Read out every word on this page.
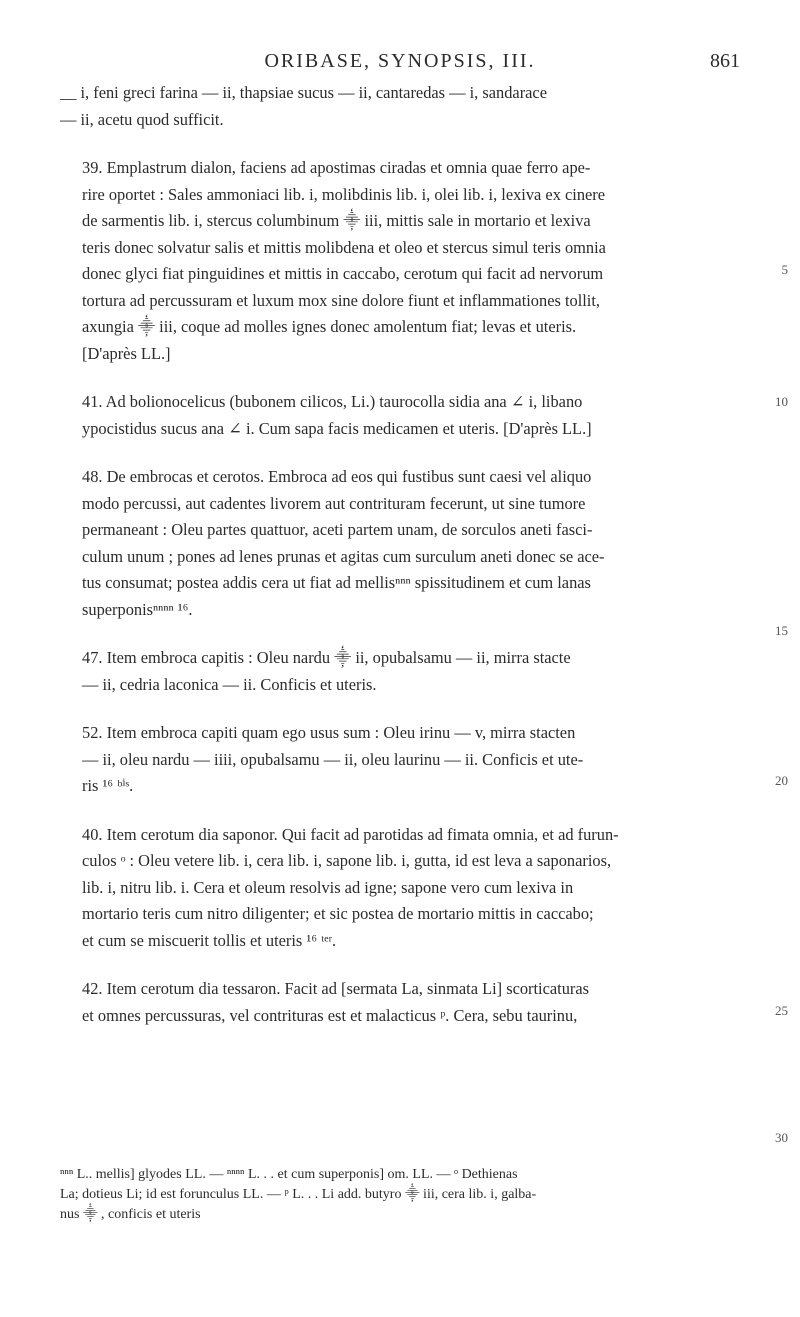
ORIBASE, SYNOPSIS, III.	861

__ i, feni greci farina — ii, thapsiae sucus — ii, cantaredas — i, sandarace
— ii, acetu quod sufficit.

39. Emplastrum dialon, faciens ad apostimas ciradas et omnia quae ferro ape-
rire oportet : Sales ammoniaci lib. i, molibdinis lib. i, olei lib. i, lexiva ex cinere
de sarmentis lib. i, stercus columbinum ⸎ iii, mittis sale in mortario et lexiva
teris donec solvatur salis et mittis molibdena et oleo et stercus simul teris omnia
donec glyci fiat pinguidines et mittis in caccabo, cerotum qui facit ad nervorum
tortura ad percussuram et luxum mox sine dolore fiunt et inflammationes tollit,
axungia ⸎ iii, coque ad molles ignes donec amolentum fiat; levas et uteris.
[D'après LL.]

41. Ad bolionocelicus (bubonem cilicos, Li.) taurocolla sidia ana ∠ i, libano
ypocistidus sucus ana ∠ i. Cum sapa facis medicamen et uteris. [D'après LL.]

48. De embrocas et cerotos. Embroca ad eos qui fustibus sunt caesi vel aliquo
modo percussi, aut cadentes livorem aut contrituram fecerunt, ut sine tumore
permaneant : Oleu partes quattuor, aceti partem unam, de sorculos aneti fasci-
culum unum ; pones ad lenes prunas et agitas cum surculum aneti donec se ace-
tus consumat; postea addis cera ut fiat ad mellisⁿⁿⁿ spissitudinem et cum lanas
superponisⁿⁿⁿⁿ ¹⁶.

47. Item embroca capitis : Oleu nardu ⸎ ii, opubalsamu — ii, mirra stacte
— ii, cedria laconica — ii. Conficis et uteris.

52. Item embroca capiti quam ego usus sum : Oleu irinu — v, mirra stacten
— ii, oleu nardu — iiii, opubalsamu — ii, oleu laurinu — ii. Conficis et ute-
ris ¹⁶ ᵇⁱˢ.

40. Item cerotum dia saponor. Qui facit ad parotidas ad fimata omnia, et ad furun-
culos ᵒ : Oleu vetere lib. i, cera lib. i, sapone lib. i, gutta, id est leva a saponarios,
lib. i, nitru lib. i. Cera et oleum resolvis ad igne; sapone vero cum lexiva in
mortario teris cum nitro diligenter; et sic postea de mortario mittis in caccabo;
et cum se miscuerit tollis et uteris ¹⁶ ᵗᵉʳ.

42. Item cerotum dia tessaron. Facit ad [sermata La, sinmata Li] scorticaturas
et omnes percussuras, vel contrituras est et malacticus ᵖ. Cera, sebu taurinu,

5
10
15
20
25
30

ⁿⁿⁿ L.. mellis] glyodes LL. — ⁿⁿⁿⁿ L. . . et cum superponis] om. LL. — ᵒ Dethienas

La; dotieus Li; id est forunculus LL. — ᵖ L. . . Li add. butyro ⸎ iii, cera lib. i, galba-

nus ⸎ , conficis et uteris
